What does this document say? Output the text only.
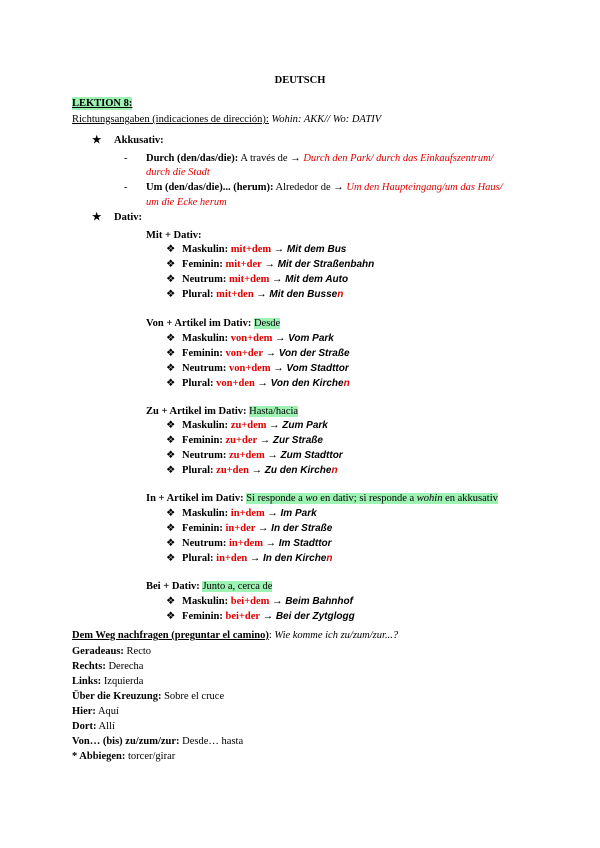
DEUTSCH
LEKTION 8:
Richtungsangaben (indicaciones de dirección): Wohin: AKK// Wo: DATIV
★ Akkusativ:
- Durch (den/das/die): A través de → Durch den Park/ durch das Einkaufszentrum/
durch die Stadt
- Um (den/das/die)... (herum): Alrededor de → Um den Haupteingang/um das Haus/
um die Ecke herum
★ Dativ:
Mit + Dativ:
❖ Maskulin: mit+dem → Mit dem Bus
❖ Feminin: mit+der → Mit der Straßenbahn
❖ Neutrum: mit+dem → Mit dem Auto
❖ Plural: mit+den → Mit den Bussen
Von + Artikel im Dativ: Desde
❖ Maskulin: von+dem → Vom Park
❖ Feminin: von+der → Von der Straße
❖ Neutrum: von+dem → Vom Stadttor
❖ Plural: von+den → Von den Kirchen
Zu + Artikel im Dativ: Hasta/hacia
❖ Maskulin: zu+dem → Zum Park
❖ Feminin: zu+der → Zur Straße
❖ Neutrum: zu+dem → Zum Stadttor
❖ Plural: zu+den → Zu den Kirchen
In + Artikel im Dativ: Si responde a wo en dativ; si responde a wohin en akkusativ
❖ Maskulin: in+dem → Im Park
❖ Feminin: in+der → In der Straße
❖ Neutrum: in+dem → Im Stadttor
❖ Plural: in+den → In den Kirchen
Bei + Dativ: Junto a, cerca de
❖ Maskulin: bei+dem → Beim Bahnhof
❖ Feminin: bei+der → Bei der Zytglogg
Dem Weg nachfragen (preguntar el camino): Wie komme ich zu/zum/zur...?
Geradeaus: Recto
Rechts: Derecha
Links: Izquierda
Über die Kreuzung: Sobre el cruce
Hier: Aquí
Dort: Allí
Von… (bis) zu/zum/zur: Desde… hasta
* Abbiegen: torcer/girar
